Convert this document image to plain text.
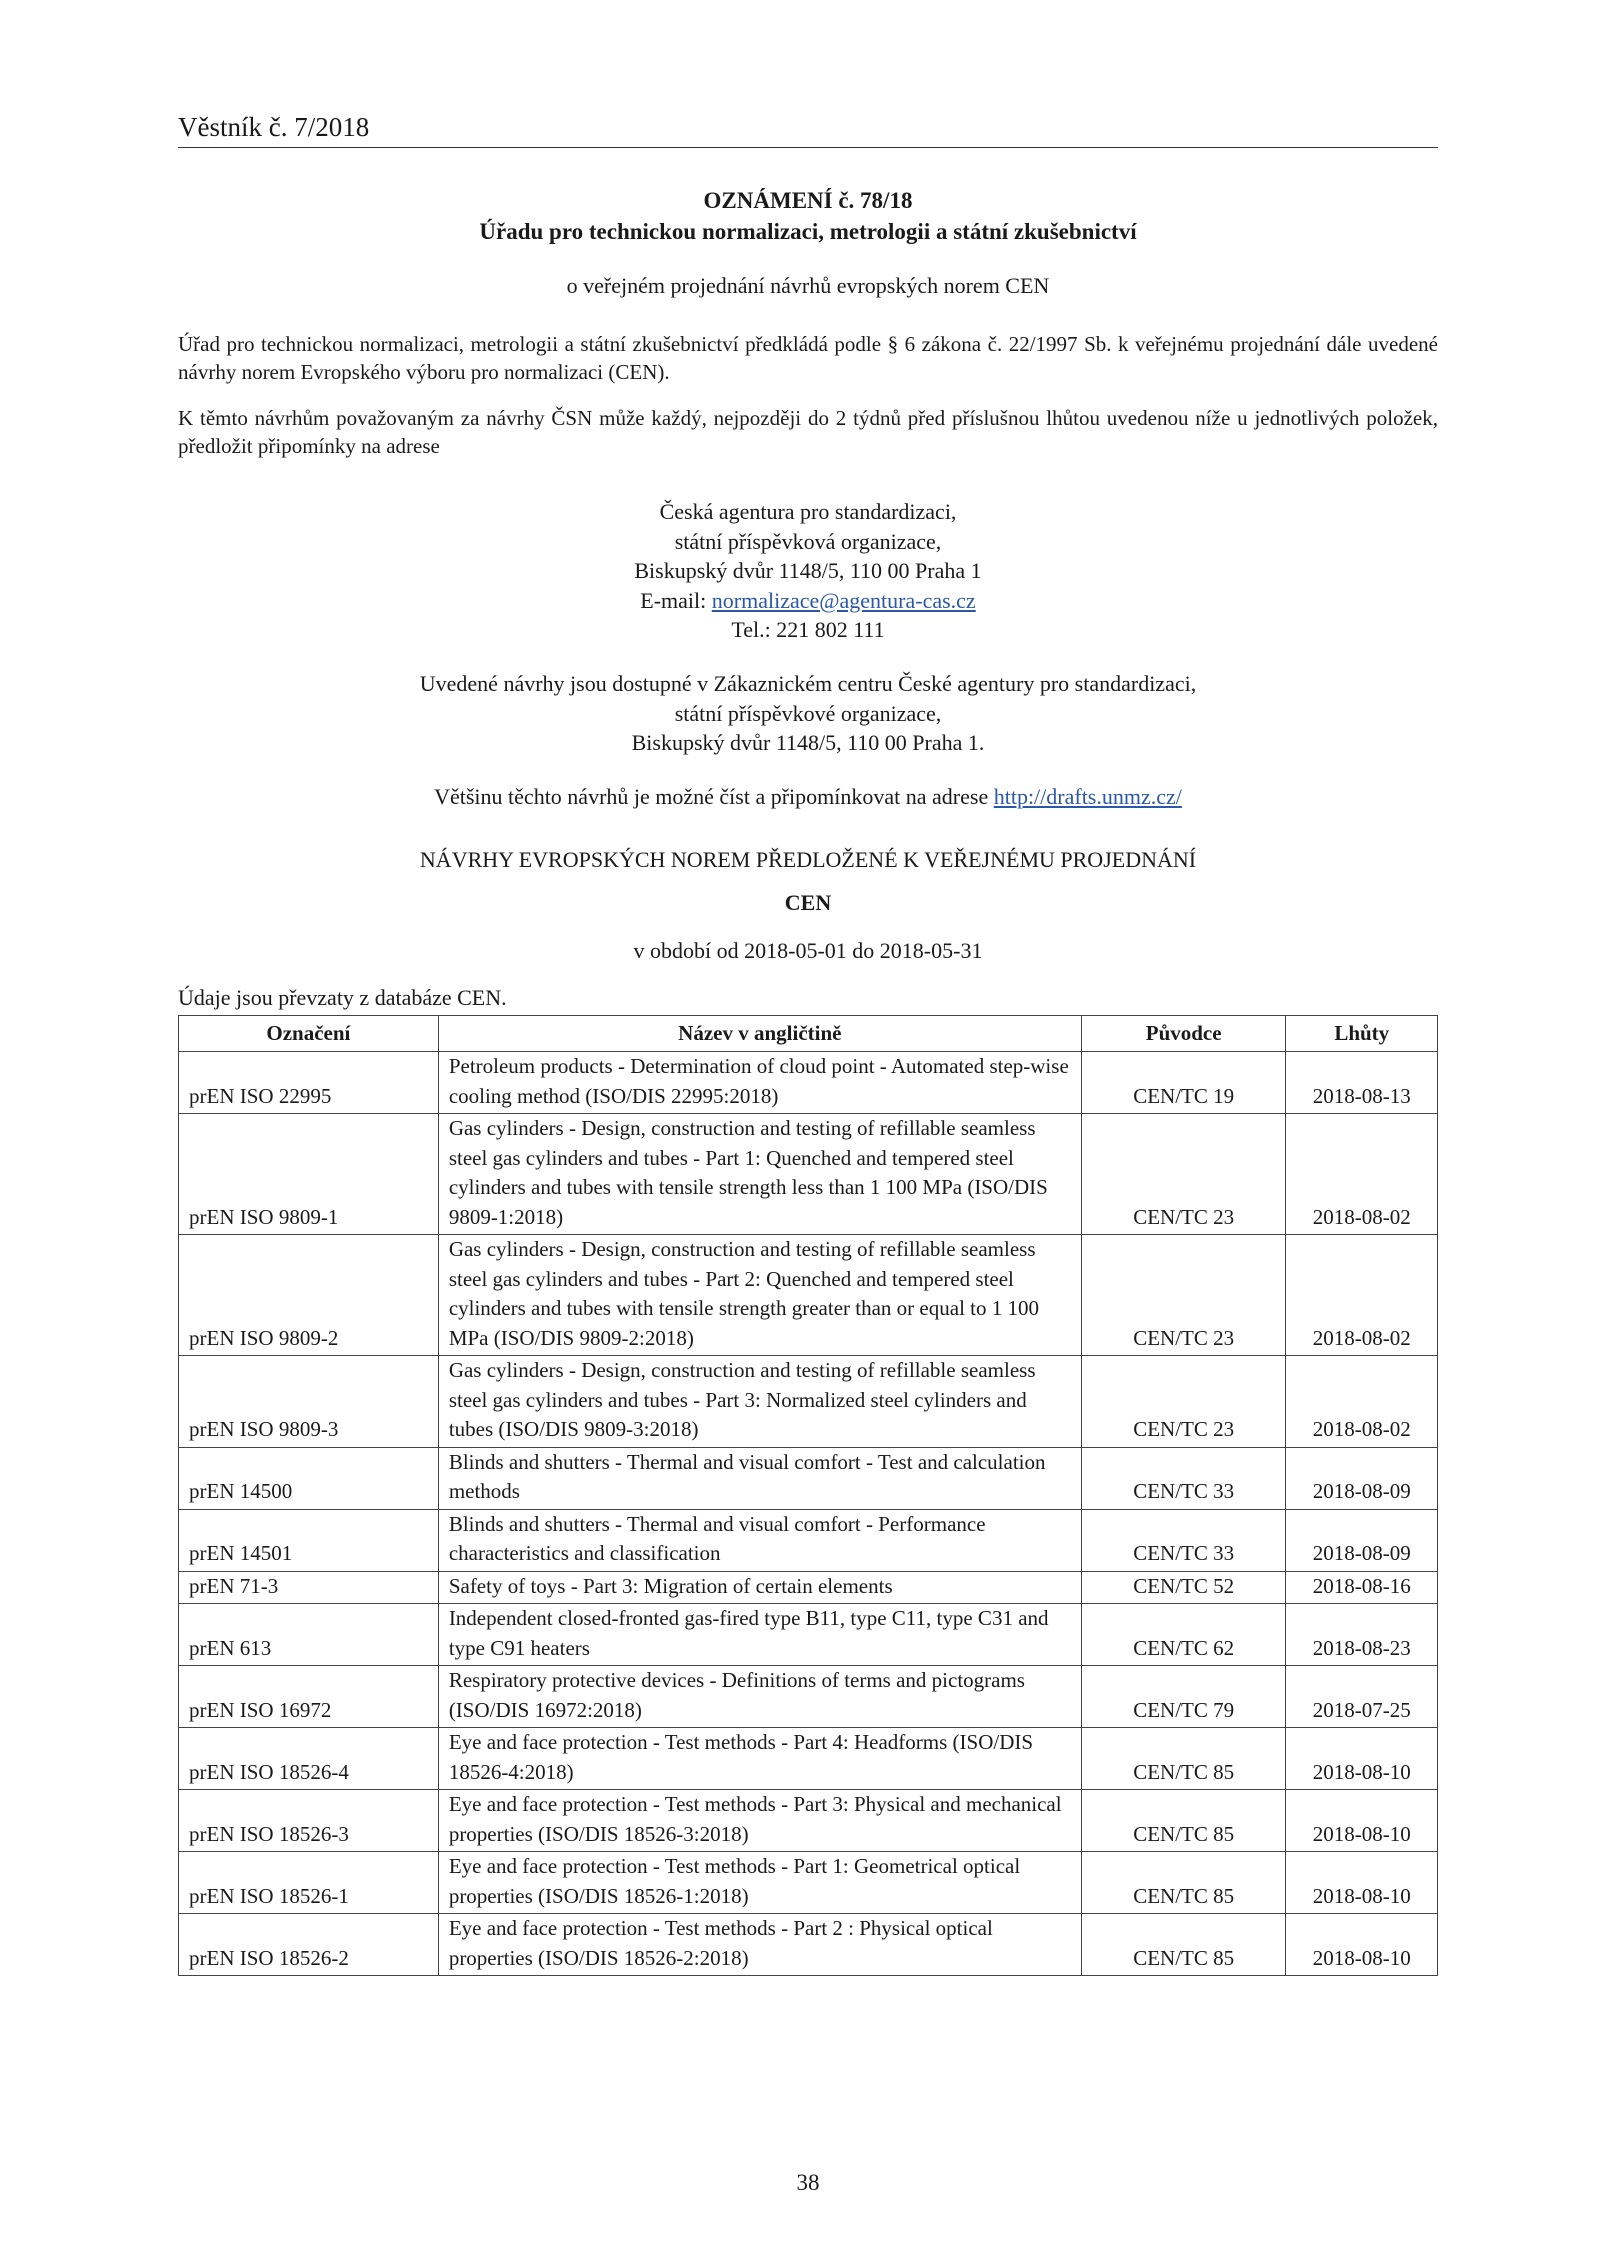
Věstník č. 7/2018
OZNÁMENÍ č. 78/18
Úřadu pro technickou normalizaci, metrologii a státní zkušebnictví
o veřejném projednání návrhů evropských norem CEN
Úřad pro technickou normalizaci, metrologii a státní zkušebnictví předkládá podle § 6 zákona č. 22/1997 Sb. k veřejnému projednání dále uvedené návrhy norem Evropského výboru pro normalizaci (CEN).
K těmto návrhům považovaným za návrhy ČSN může každý, nejpozději do 2 týdnů před příslušnou lhůtou uvedenou níže u jednotlivých položek, předložit připomínky na adrese
Česká agentura pro standardizaci,
státní příspěvková organizace,
Biskupský dvůr 1148/5, 110 00 Praha 1
E-mail: normalizace@agentura-cas.cz
Tel.: 221 802 111
Uvedené návrhy jsou dostupné v Zákaznickém centru České agentury pro standardizaci,
státní příspěvkové organizace,
Biskupský dvůr 1148/5, 110 00 Praha 1.
Většinu těchto návrhů je možné číst a připomínkovat na adrese http://drafts.unmz.cz/
NÁVRHY EVROPSKÝCH NOREM PŘEDLOŽENÉ K VEŘEJNÉMU PROJEDNÁNÍ
CEN
v období od 2018-05-01 do 2018-05-31
Údaje jsou převzaty z databáze CEN.
Označení	Název v angličtině	Původce	Lhůty
prEN ISO 22995	Petroleum products - Determination of cloud point - Automated step-wise cooling method (ISO/DIS 22995:2018)	CEN/TC 19	2018-08-13
prEN ISO 9809-1	Gas cylinders - Design, construction and testing of refillable seamless steel gas cylinders and tubes - Part 1: Quenched and tempered steel cylinders and tubes with tensile strength less than 1 100 MPa (ISO/DIS 9809-1:2018)	CEN/TC 23	2018-08-02
prEN ISO 9809-2	Gas cylinders - Design, construction and testing of refillable seamless steel gas cylinders and tubes - Part 2: Quenched and tempered steel cylinders and tubes with tensile strength greater than or equal to 1 100 MPa (ISO/DIS 9809-2:2018)	CEN/TC 23	2018-08-02
prEN ISO 9809-3	Gas cylinders - Design, construction and testing of refillable seamless steel gas cylinders and tubes - Part 3: Normalized steel cylinders and tubes (ISO/DIS 9809-3:2018)	CEN/TC 23	2018-08-02
prEN 14500	Blinds and shutters - Thermal and visual comfort - Test and calculation methods	CEN/TC 33	2018-08-09
prEN 14501	Blinds and shutters - Thermal and visual comfort - Performance characteristics and classification	CEN/TC 33	2018-08-09
prEN 71-3	Safety of toys - Part 3: Migration of certain elements	CEN/TC 52	2018-08-16
prEN 613	Independent closed-fronted gas-fired type B11, type C11, type C31 and type C91 heaters	CEN/TC 62	2018-08-23
prEN ISO 16972	Respiratory protective devices - Definitions of terms and pictograms (ISO/DIS 16972:2018)	CEN/TC 79	2018-07-25
prEN ISO 18526-4	Eye and face protection - Test methods - Part 4: Headforms (ISO/DIS 18526-4:2018)	CEN/TC 85	2018-08-10
prEN ISO 18526-3	Eye and face protection - Test methods - Part 3: Physical and mechanical properties (ISO/DIS 18526-3:2018)	CEN/TC 85	2018-08-10
prEN ISO 18526-1	Eye and face protection - Test methods - Part 1: Geometrical optical properties (ISO/DIS 18526-1:2018)	CEN/TC 85	2018-08-10
prEN ISO 18526-2	Eye and face protection - Test methods - Part 2 : Physical optical properties (ISO/DIS 18526-2:2018)	CEN/TC 85	2018-08-10
38
